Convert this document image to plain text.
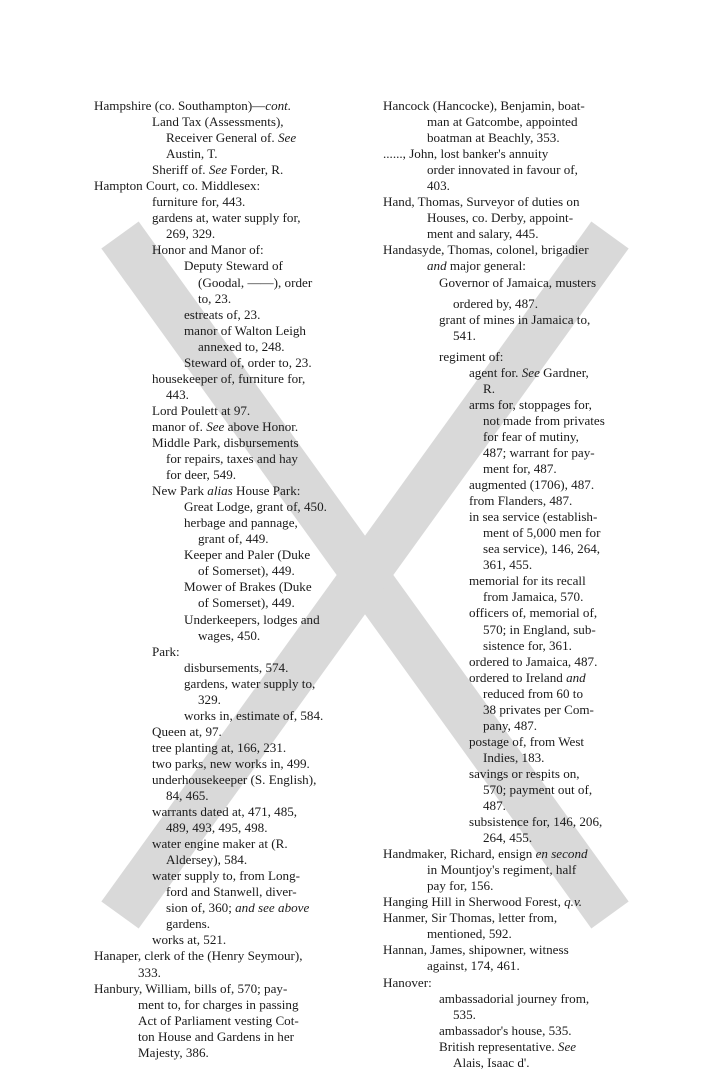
Hampshire (co. Southampton)—cont.
Land Tax (Assessments),
Receiver General of. See
Austin, T.
Sheriff of. See Forder, R.
Hampton Court, co. Middlesex:
furniture for, 443.
gardens at, water supply for,
269, 329.
Honor and Manor of:
Deputy Steward of
(Goodal, ——), order
to, 23.
estreats of, 23.
manor of Walton Leigh
annexed to, 248.
Steward of, order to, 23.
housekeeper of, furniture for,
443.
Lord Poulett at 97.
manor of. See above Honor.
Middle Park, disbursements
for repairs, taxes and hay
for deer, 549.
New Park alias House Park:
Great Lodge, grant of, 450.
herbage and pannage,
grant of, 449.
Keeper and Paler (Duke
of Somerset), 449.
Mower of Brakes (Duke
of Somerset), 449.
Underkeepers, lodges and
wages, 450.
Park:
disbursements, 574.
gardens, water supply to,
329.
works in, estimate of, 584.
Queen at, 97.
tree planting at, 166, 231.
two parks, new works in, 499.
underhousekeeper (S. English),
84, 465.
warrants dated at, 471, 485,
489, 493, 495, 498.
water engine maker at (R.
Aldersey), 584.
water supply to, from Long-
ford and Stanwell, diver-
sion of, 360; and see above
gardens.
works at, 521.
Hanaper, clerk of the (Henry Seymour),
333.
Hanbury, William, bills of, 570; pay-
ment to, for charges in passing
Act of Parliament vesting Cot-
ton House and Gardens in her
Majesty, 386.
Hancock (Hancocke), Benjamin, boat-
man at Gatcombe, appointed
boatman at Beachly, 353.
......, John, lost banker's annuity
order innovated in favour of,
403.
Hand, Thomas, Surveyor of duties on
Houses, co. Derby, appoint-
ment and salary, 445.
Handasyde, Thomas, colonel, brigadier
and major general:
Governor of Jamaica, musters
ordered by, 487.
grant of mines in Jamaica to,
541.
regiment of:
agent for. See Gardner,
R.
arms for, stoppages for,
not made from privates
for fear of mutiny,
487; warrant for pay-
ment for, 487.
augmented (1706), 487.
from Flanders, 487.
in sea service (establish-
ment of 5,000 men for
sea service), 146, 264,
361, 455.
memorial for its recall
from Jamaica, 570.
officers of, memorial of,
570; in England, sub-
sistence for, 361.
ordered to Jamaica, 487.
ordered to Ireland and
reduced from 60 to
38 privates per Com-
pany, 487.
postage of, from West
Indies, 183.
savings or respits on,
570; payment out of,
487.
subsistence for, 146, 206,
264, 455.
Handmaker, Richard, ensign en second
in Mountjoy's regiment, half
pay for, 156.
Hanging Hill in Sherwood Forest, q.v.
Hanmer, Sir Thomas, letter from,
mentioned, 592.
Hannan, James, shipowner, witness
against, 174, 461.
Hanover:
ambassadorial journey from,
535.
ambassador's house, 535.
British representative. See
Alais, Isaac d'.
